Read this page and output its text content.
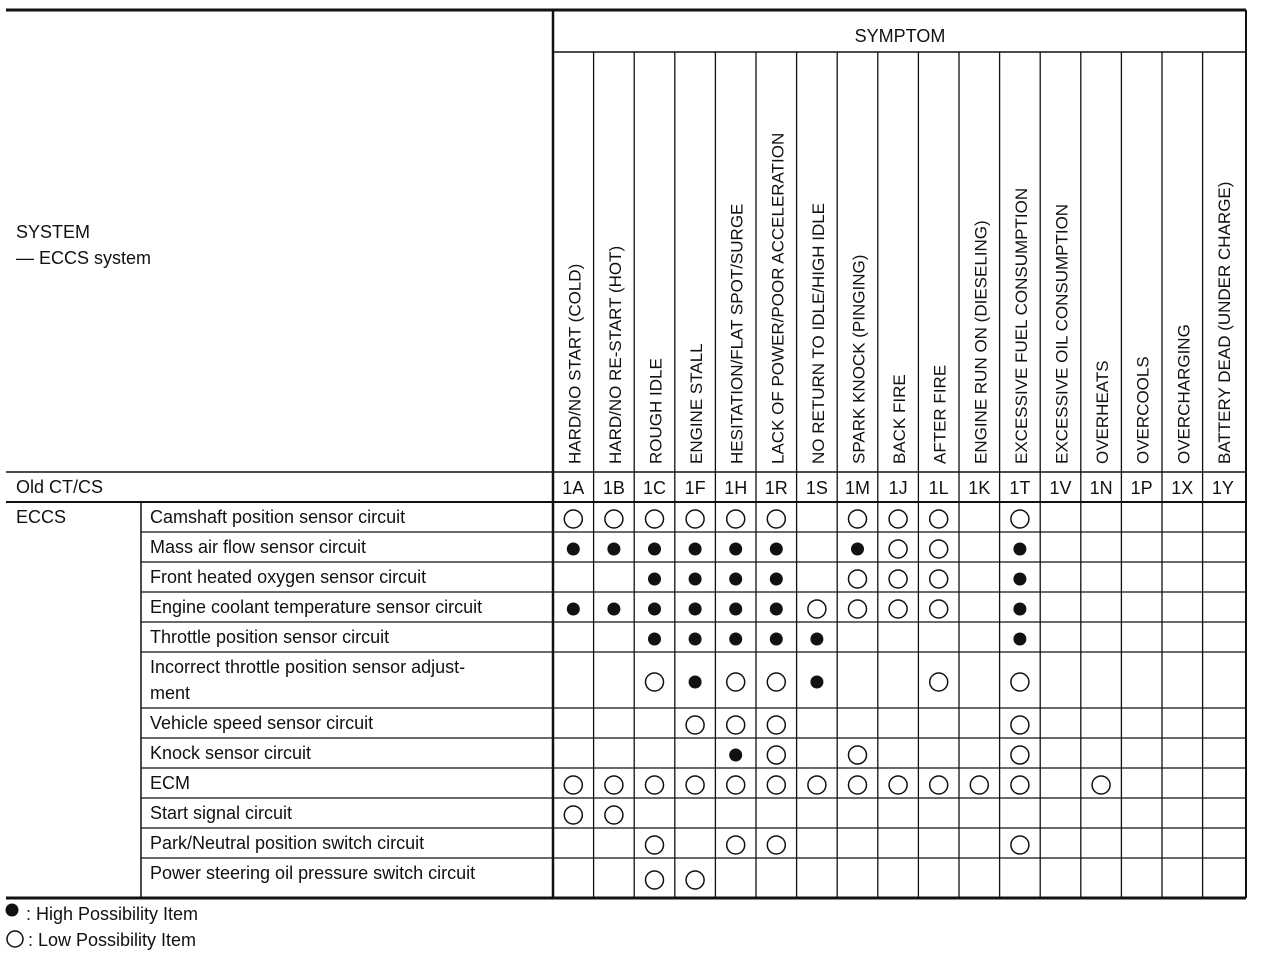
SYSTEM
— ECCS system
SYMPTOM
Old CT/CS
ECCS
HARD/NO START (COLD) HARD/NO RE-START (HOT) ROUGH IDLE ENGINE STALL HESITATION/FLAT SPOT/SURGE LACK OF POWER/POOR ACCELERATION NO RETURN TO IDLE/HIGH IDLE SPARK KNOCK (PINGING) BACK FIRE AFTER FIRE ENGINE RUN ON (DIESELING) EXCESSIVE FUEL CONSUMPTION EXCESSIVE OIL CONSUMPTION OVERHEATS OVERCOOLS OVERCHARGING BATTERY DEAD (UNDER CHARGE)
1A 1B 1C 1F 1H 1R 1S 1M 1J 1L 1K 1T 1V 1N 1P 1X 1Y
Camshaft position sensor circuit
Mass air flow sensor circuit
Front heated oxygen sensor circuit
Engine coolant temperature sensor circuit
Throttle position sensor circuit
Incorrect throttle position sensor adjust-
ment
Vehicle speed sensor circuit
Knock sensor circuit
ECM
Start signal circuit
Park/Neutral position switch circuit
Power steering oil pressure switch circuit
: High Possibility Item
: Low Possibility Item
